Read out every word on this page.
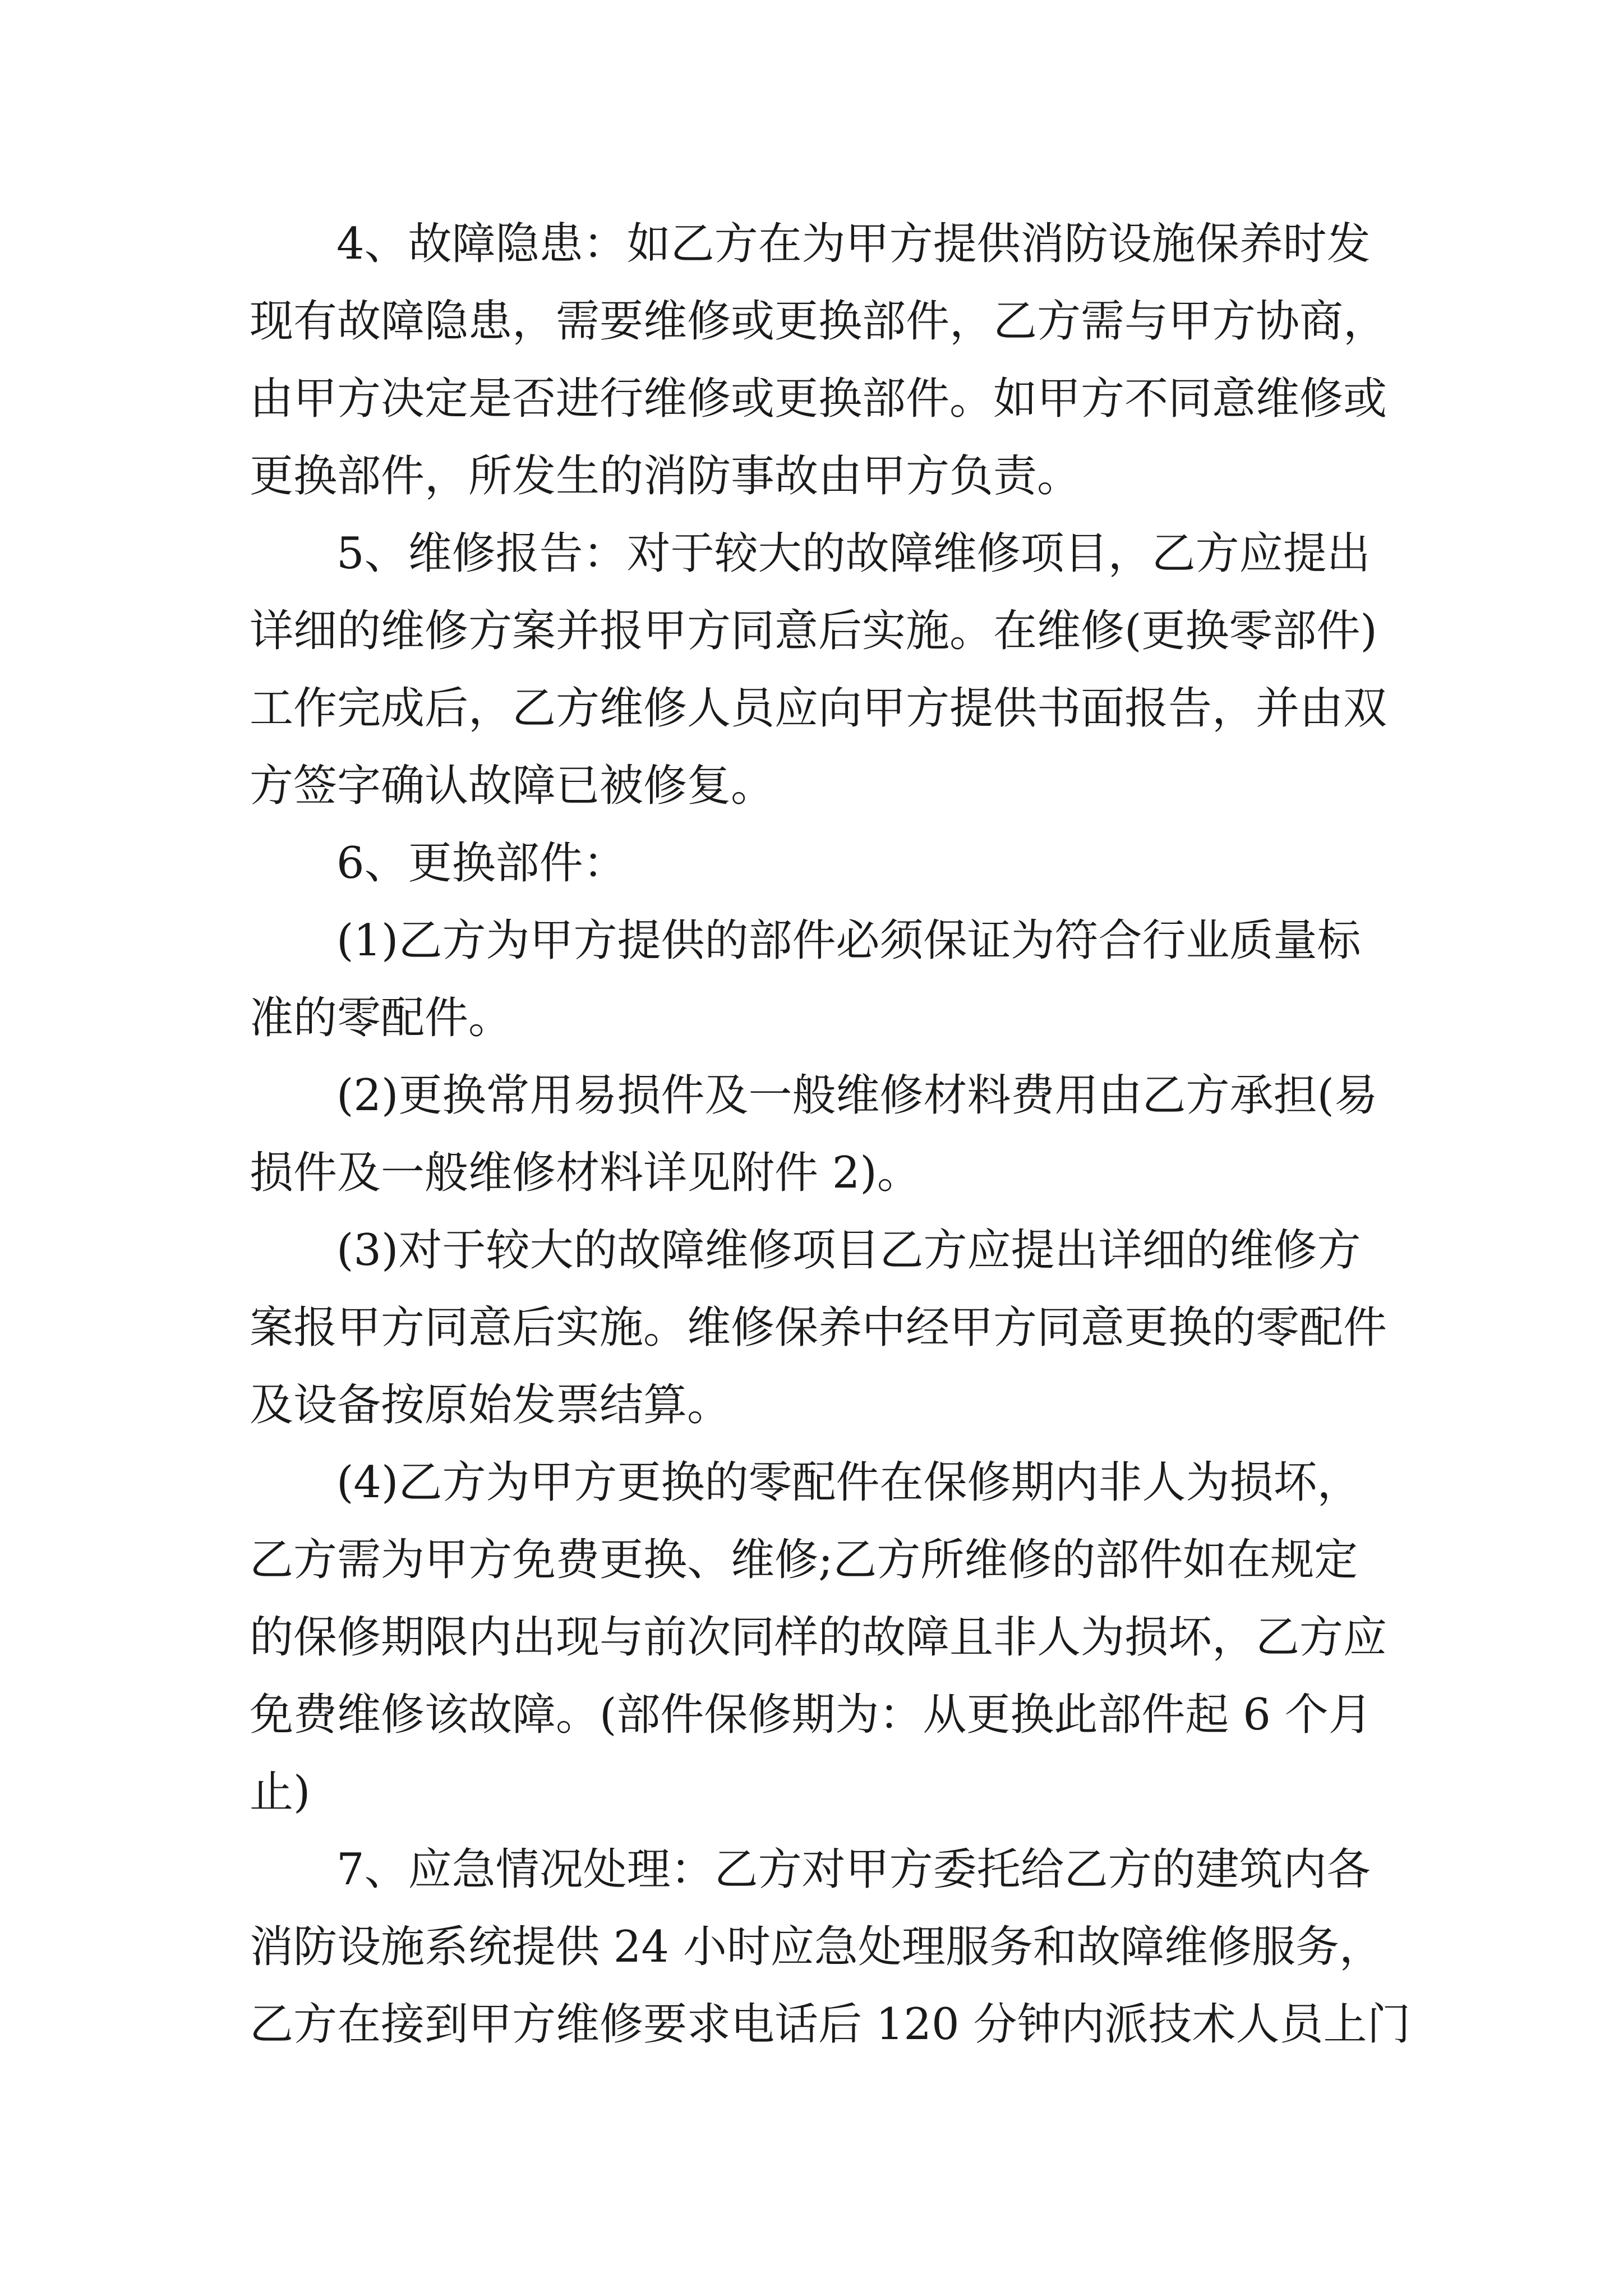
4、故障隐患：如乙方在为甲方提供消防设施保养时发
现有故障隐患，需要维修或更换部件，乙方需与甲方协商，
由甲方决定是否进行维修或更换部件。如甲方不同意维修或
更换部件，所发生的消防事故由甲方负责。
5、维修报告：对于较大的故障维修项目，乙方应提出
详细的维修方案并报甲方同意后实施。在维修(更换零部件)
工作完成后，乙方维修人员应向甲方提供书面报告，并由双
方签字确认故障已被修复。
6、更换部件：
(1)乙方为甲方提供的部件必须保证为符合行业质量标
准的零配件。
(2)更换常用易损件及一般维修材料费用由乙方承担(易
损件及一般维修材料详见附件 2)。
(3)对于较大的故障维修项目乙方应提出详细的维修方
案报甲方同意后实施。维修保养中经甲方同意更换的零配件
及设备按原始发票结算。
(4)乙方为甲方更换的零配件在保修期内非人为损坏，
乙方需为甲方免费更换、维修;乙方所维修的部件如在规定
的保修期限内出现与前次同样的故障且非人为损坏，乙方应
免费维修该故障。(部件保修期为：从更换此部件起 6 个月
止)
7、应急情况处理：乙方对甲方委托给乙方的建筑内各
消防设施系统提供 24 小时应急处理服务和故障维修服务，
乙方在接到甲方维修要求电话后 120 分钟内派技术人员上门
